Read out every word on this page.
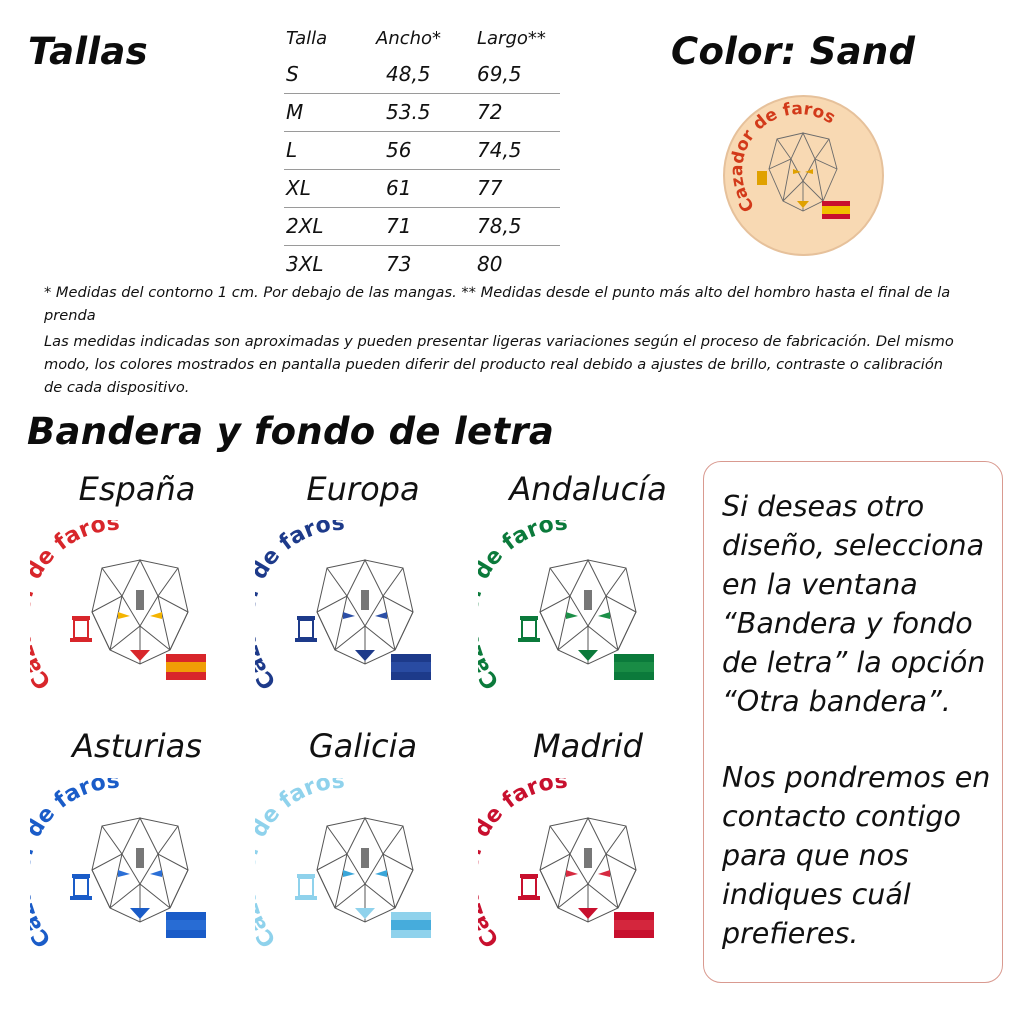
Tallas	Color: Sand
Talla	Ancho* Largo**
S	48,5 69,5
M	53.5 72
L	56	74,5
XL	61	77
2XL	71	78,5
3XL	73	80
Cazador de faros
* Medidas del contorno 1 cm. Por debajo de las mangas. ** Medidas desde el punto más alto del hombro hasta el final de la prenda
Las medidas indicadas son aproximadas y pueden presentar ligeras variaciones según el proceso de fabricación. Del mismo modo, los colores mostrados en pantalla pueden diferir del producto real debido a ajustes de brillo, contraste o calibración de cada dispositivo.
Bandera y fondo de letra
España	Europa	Andalucía
Asturias	Galicia	Madrid
e faros
e faros
e faros
e faros
e faros
e faros
Si deseas otro diseño, selecciona en la ventana “Bandera y fondo de letra” la opción “Otra bandera”.
Nos pondremos en contacto contigo para que nos indiques cuál prefieres.
